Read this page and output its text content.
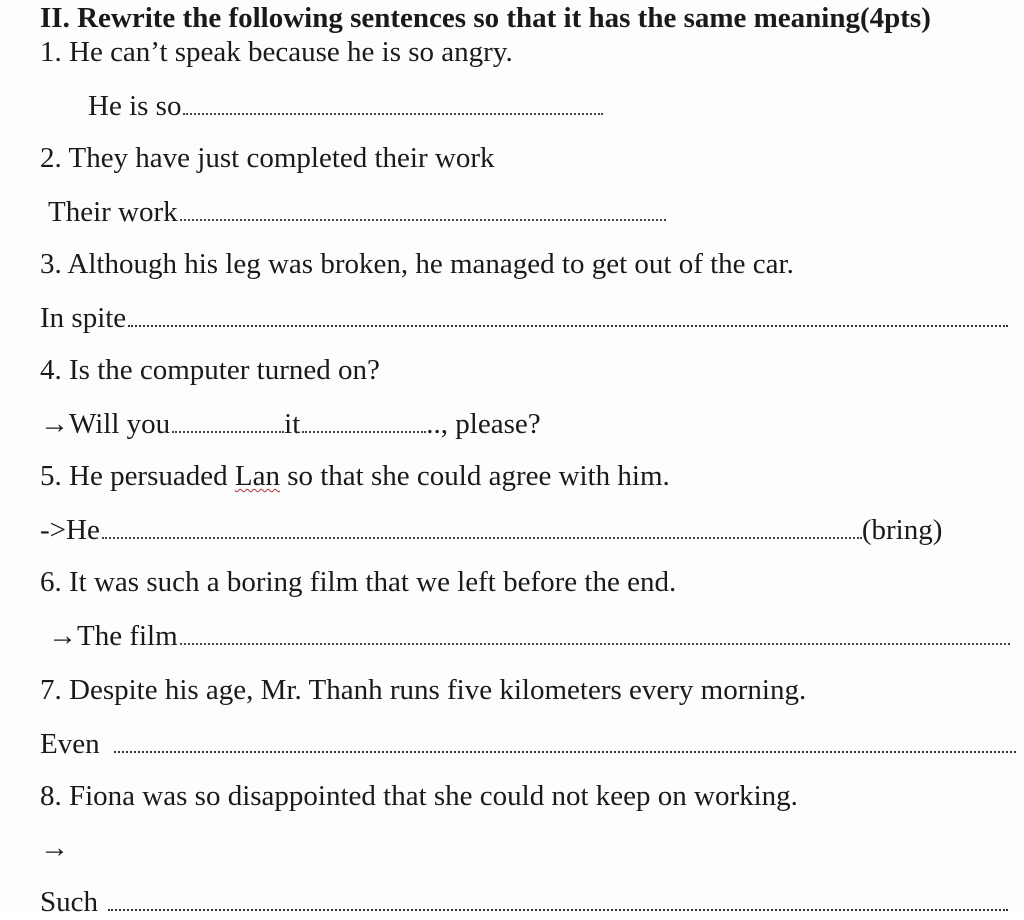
II. Rewrite the following sentences so that it has the same meaning(4pts)
1. He can’t speak because he is so angry.
He is so
2. They have just completed their work
Their work
3. Although his leg was broken, he managed to get out of the car.
In spite
4. Is the computer turned on?
→Will you	it	.., please?
5. He persuaded Lan so that she could agree with him.
->He	(bring)
6. It was such a boring film that we left before the end.
→The film
7. Despite his age, Mr. Thanh runs five kilometers every morning.
Even
8. Fiona was so disappointed that she could not keep on working.
→
Such
